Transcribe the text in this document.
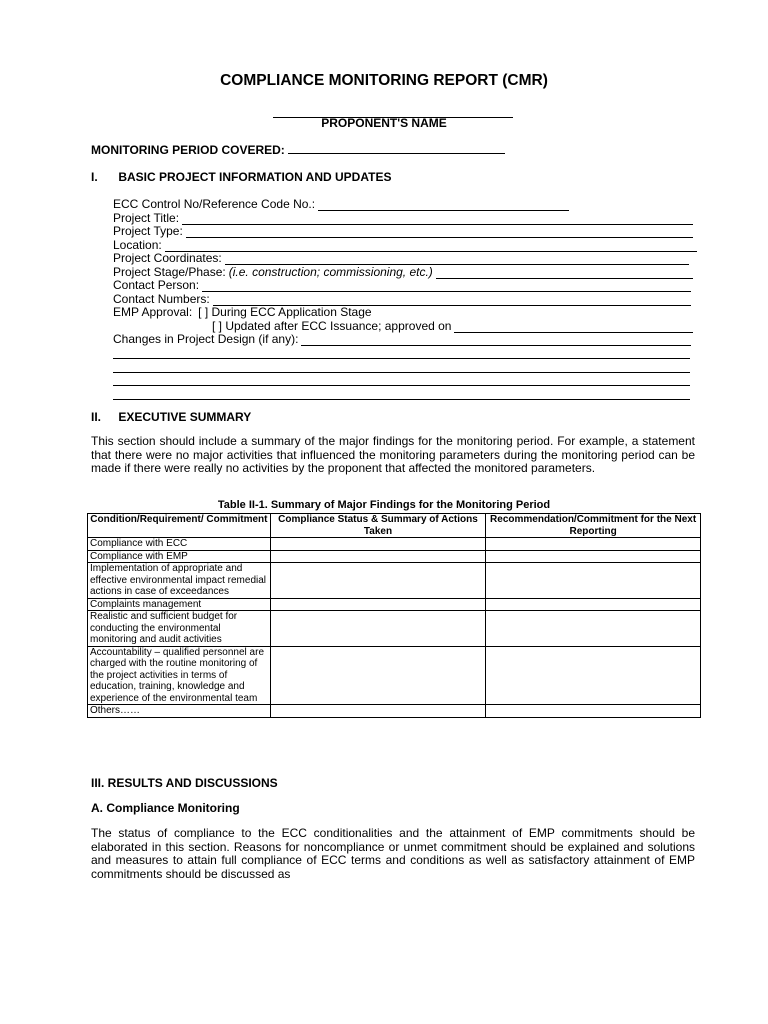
COMPLIANCE MONITORING REPORT (CMR)
PROPONENT'S NAME
MONITORING PERIOD COVERED:
I. BASIC PROJECT INFORMATION AND UPDATES
ECC Control No/Reference Code No.:
Project Title:
Project Type:
Location:
Project Coordinates:
Project Stage/Phase: (i.e. construction; commissioning, etc.)
Contact Person:
Contact Numbers:
EMP Approval: [ ] During ECC Application Stage
[ ] Updated after ECC Issuance; approved on
Changes in Project Design (if any):
II. EXECUTIVE SUMMARY

This section should include a summary of the major findings for the monitoring period. For example, a statement that there were no major activities that influenced the monitoring parameters during the monitoring period can be made if there were really no activities by the proponent that affected the monitored parameters.

Table II-1. Summary of Major Findings for the Monitoring Period
Condition/Requirement/ Commitment	Compliance Status & Summary of Actions Taken	Recommendation/Commitment for the Next Reporting
Compliance with ECC		
Compliance with EMP		
Implementation of appropriate and effective environmental impact remedial actions in case of exceedances		
Complaints management		
Realistic and sufficient budget for conducting the environmental monitoring and audit activities		
Accountability – qualified personnel are charged with the routine monitoring of the project activities in terms of education, training, knowledge and experience of the environmental team		
Others……		
III. RESULTS AND DISCUSSIONS
A. Compliance Monitoring

The status of compliance to the ECC conditionalities and the attainment of EMP commitments should be elaborated in this section. Reasons for noncompliance or unmet commitment should be explained and solutions and measures to attain full compliance of ECC terms and conditions as well as satisfactory attainment of EMP commitments should be discussed as
